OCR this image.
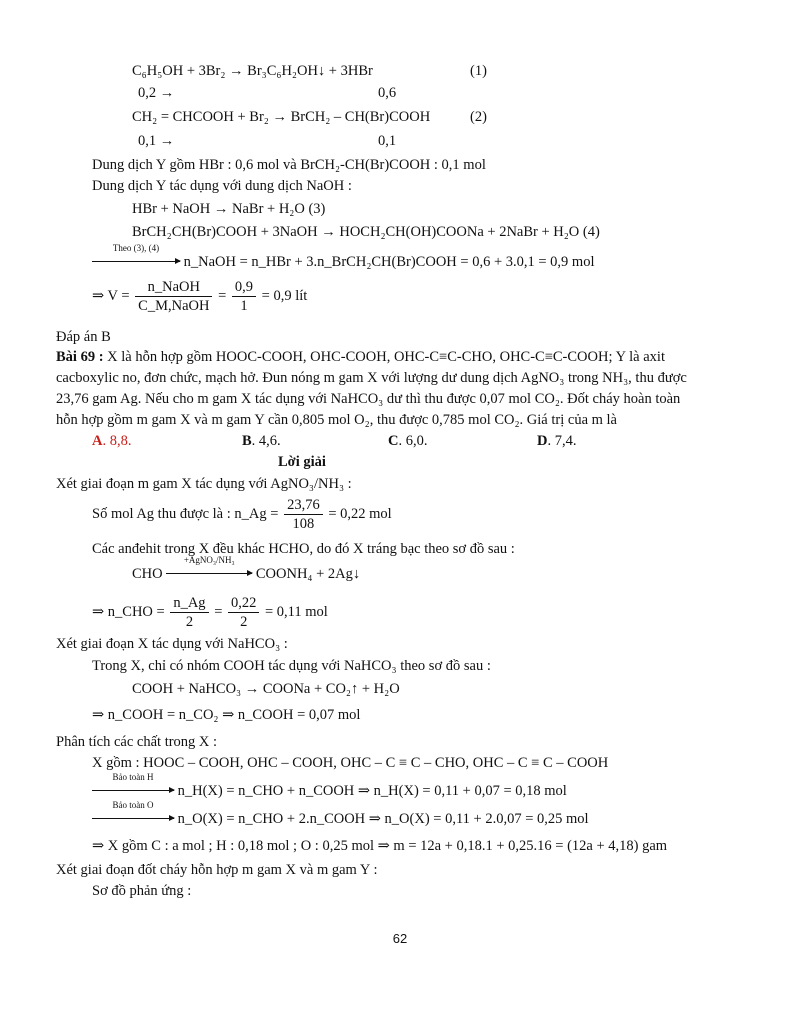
C₆H₅OH + 3Br₂ → Br₃C₆H₂OH↓ + 3HBr	(1)
0,2 →	0,6
CH₂ = CHCOOH + Br₂ → BrCH₂ – CH(Br)COOH	(2)
0,1 →	0,1
Dung dịch Y gồm HBr : 0,6 mol và BrCH₂-CH(Br)COOH : 0,1 mol
Dung dịch Y tác dụng với dung dịch NaOH :
HBr + NaOH → NaBr + H₂O (3)
BrCH₂CH(Br)COOH + 3NaOH → HOCH₂CH(OH)COONa + 2NaBr + H₂O (4)
Theo (3), (4)
n_NaOH = n_HBr + 3.n_BrCH₂CH(Br)COOH = 0,6 + 3.0,1 = 0,9 mol
⇒ $V = \frac{\text{n\_NaOH}}{\text{C\_M,NaOH}} = \frac{0,9}{1} = 0,9$ lít
Đáp án B
Bài 69 : X là hỗn hợp gồm HOOC-COOH, OHC-COOH, OHC-C≡C-CHO, OHC-C≡C-COOH; Y là axit
cacboxylic no, đơn chức, mạch hở. Đun nóng m gam X với lượng dư dung dịch AgNO₃ trong NH₃, thu được
23,76 gam Ag. Nếu cho m gam X tác dụng với NaHCO₃ dư thì thu được 0,07 mol CO₂. Đốt cháy hoàn toàn
hỗn hợp gồm m gam X và m gam Y cần 0,805 mol O₂, thu được 0,785 mol CO₂. Giá trị của m là
A. 8,8.	B. 4,6.	C. 6,0.	D. 7,4.
Lời giải
Xét giai đoạn m gam X tác dụng với AgNO₃/NH₃ :
Số mol Ag thu được là : n_Ag = $\frac{23,76}{108} = 0,22$ mol
Các anđehit trong X đều khác HCHO, do đó X tráng bạc theo sơ đồ sau :
CHO
+AgNO₃/NH₃
COONH₄ + 2Ag↓
⇒ n_CHO = $\frac{n\_Ag}{2} = \frac{0,22}{2} = 0,11$ mol
Xét giai đoạn X tác dụng với NaHCO₃ :
Trong X, chỉ có nhóm COOH tác dụng với NaHCO₃ theo sơ đồ sau :
COOH + NaHCO₃ → COONa + CO₂↑ + H₂O
⇒ n_COOH = n_CO₂ ⇒ n_COOH = 0,07 mol
Phân tích các chất trong X :
X gồm : HOOC – COOH, OHC – COOH, OHC – C ≡ C – CHO, OHC – C ≡ C – COOH
Bảo toàn H
n_H(X) = n_CHO + n_COOH ⇒ n_H(X) = 0,11 + 0,07 = 0,18 mol
Bảo toàn O
n_O(X) = n_CHO + 2.n_COOH ⇒ n_O(X) = 0,11 + 2.0,07 = 0,25 mol
⇒ X gồm C : a mol ; H : 0,18 mol ; O : 0,25 mol ⇒ m = 12a + 0,18.1 + 0,25.16 = (12a + 4,18) gam
Xét giai đoạn đốt cháy hỗn hợp m gam X và m gam Y :
Sơ đồ phản ứng :
62
